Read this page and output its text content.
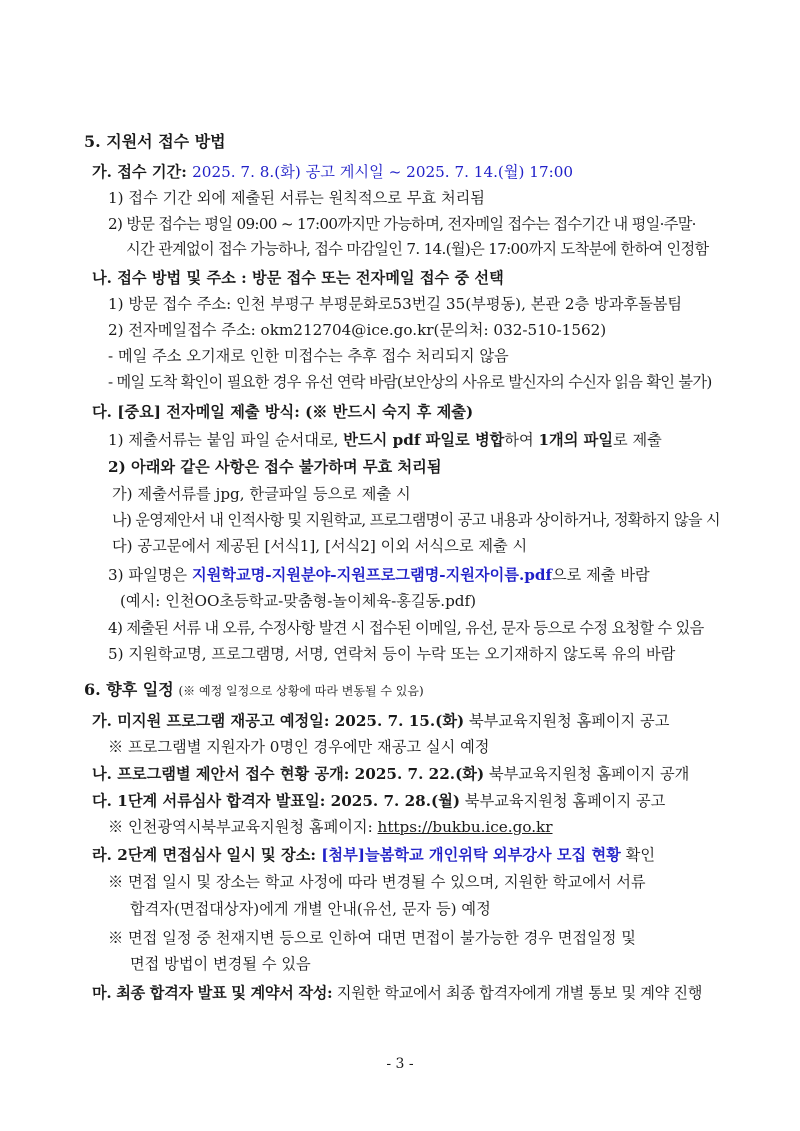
5. 지원서 접수 방법
가. 접수 기간: 2025. 7. 8.(화) 공고 게시일 ~ 2025. 7. 14.(월) 17:00
1) 접수 기간 외에 제출된 서류는 원칙적으로 무효 처리됨
2) 방문 접수는 평일 09:00 ~ 17:00까지만 가능하며, 전자메일 접수는 접수기간 내 평일·주말·
시간 관계없이 접수 가능하나, 접수 마감일인 7. 14.(월)은 17:00까지 도착분에 한하여 인정함
나. 접수 방법 및 주소 : 방문 접수 또는 전자메일 접수 중 선택
1) 방문 접수 주소: 인천 부평구 부평문화로53번길 35(부평동), 본관 2층 방과후돌봄팀
2) 전자메일접수 주소: okm212704@ice.go.kr(문의처: 032-510-1562)
- 메일 주소 오기재로 인한 미접수는 추후 접수 처리되지 않음
- 메일 도착 확인이 필요한 경우 유선 연락 바람(보안상의 사유로 발신자의 수신자 읽음 확인 불가)
다. [중요] 전자메일 제출 방식: (※ 반드시 숙지 후 제출)
1) 제출서류는 붙임 파일 순서대로, 반드시 pdf 파일로 병합하여 1개의 파일로 제출
2) 아래와 같은 사항은 접수 불가하며 무효 처리됨
가) 제출서류를 jpg, 한글파일 등으로 제출 시
나) 운영제안서 내 인적사항 및 지원학교, 프로그램명이 공고 내용과 상이하거나, 정확하지 않을 시
다) 공고문에서 제공된 [서식1], [서식2] 이외 서식으로 제출 시
3) 파일명은 지원학교명-지원분야-지원프로그램명-지원자이름.pdf으로 제출 바람
(예시: 인천OO초등학교-맞춤형-놀이체육-홍길동.pdf)
4) 제출된 서류 내 오류, 수정사항 발견 시 접수된 이메일, 유선, 문자 등으로 수정 요청할 수 있음
5) 지원학교명, 프로그램명, 서명, 연락처 등이 누락 또는 오기재하지 않도록 유의 바람
6. 향후 일정 (※ 예정 일정으로 상황에 따라 변동될 수 있음)
가. 미지원 프로그램 재공고 예정일: 2025. 7. 15.(화) 북부교육지원청 홈페이지 공고
※ 프로그램별 지원자가 0명인 경우에만 재공고 실시 예정
나. 프로그램별 제안서 접수 현황 공개: 2025. 7. 22.(화) 북부교육지원청 홈페이지 공개
다. 1단계 서류심사 합격자 발표일: 2025. 7. 28.(월) 북부교육지원청 홈페이지 공고
※ 인천광역시북부교육지원청 홈페이지: https://bukbu.ice.go.kr
라. 2단계 면접심사 일시 및 장소: [첨부]늘봄학교 개인위탁 외부강사 모집 현황 확인
※ 면접 일시 및 장소는 학교 사정에 따라 변경될 수 있으며, 지원한 학교에서 서류
합격자(면접대상자)에게 개별 안내(유선, 문자 등) 예정
※ 면접 일정 중 천재지변 등으로 인하여 대면 면접이 불가능한 경우 면접일정 및
면접 방법이 변경될 수 있음
마. 최종 합격자 발표 및 계약서 작성: 지원한 학교에서 최종 합격자에게 개별 통보 및 계약 진행
- 3 -
